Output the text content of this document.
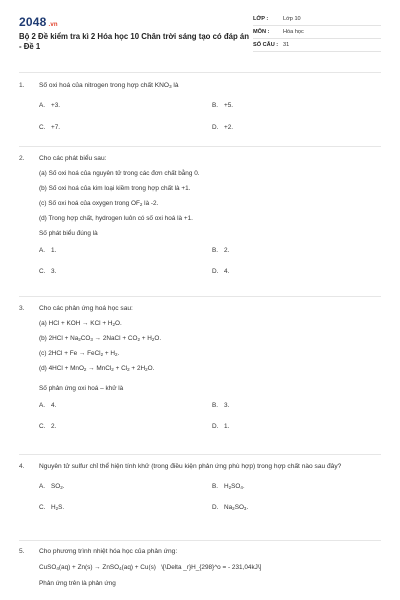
2048 .vn
Bộ 2 Đề kiểm tra kì 2 Hóa học 10 Chân trời sáng tạo có đáp án - Đề 1
LỚP :	Lớp 10
MÔN :	Hóa học
SỐ CÂU : 31
1.	Số oxi hoá của nitrogen trong hợp chất KNO3 là
A. +3.	B. +5.
C. +7.	D. +2.
2.	Cho các phát biểu sau:
(a) Số oxi hoá của nguyên tử trong các đơn chất bằng 0.
(b) Số oxi hoá của kim loại kiềm trong hợp chất là +1.
(c) Số oxi hoá của oxygen trong OF2 là -2.
(d) Trong hợp chất, hydrogen luôn có số oxi hoá là +1.
Số phát biểu đúng là
A. 1.	B. 2.
C. 3.	D. 4.
3.	Cho các phản ứng hoá học sau:
(a) HCl + KOH → KCl + H2O.
(b) 2HCl + Na2CO3 → 2NaCl + CO2 + H2O.
(c) 2HCl + Fe → FeCl2 + H2.
(d) 4HCl + MnO2 → MnCl2 + Cl2 + 2H2O.
Số phản ứng oxi hoá – khử là
A. 4.	B. 3.
C. 2.	D. 1.
4.	Nguyên tử sulfur chỉ thể hiện tính khử (trong điều kiện phản ứng phù hợp) trong hợp chất nào sau đây?
A. SO2.	B. H2SO4.
C. H2S.	D. Na2SO3.
5.	Cho phương trình nhiệt hóa học của phản ứng:
CuSO4(aq) + Zn(s) → ZnSO4(aq) + Cu(s)   \[\Delta _r}H_{298}^o = - 231,04kJ\]
Phản ứng trên là phản ứng
